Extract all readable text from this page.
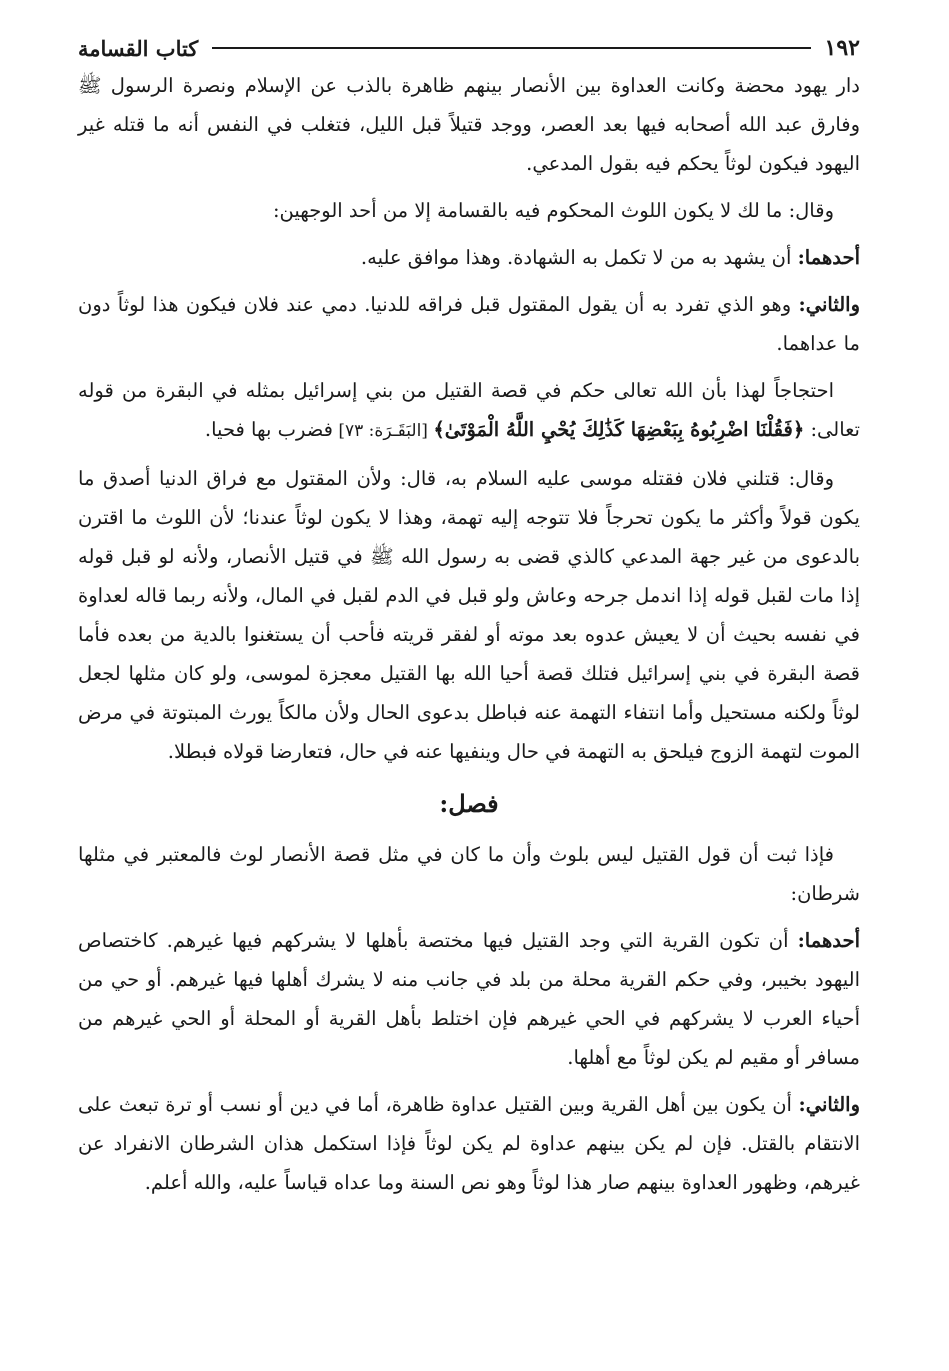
١٩٢
كتاب القسامة

دار يهود محضة وكانت العداوة بين الأنصار بينهم ظاهرة بالذب عن الإسلام ونصرة الرسول ﷺ وفارق عبد الله أصحابه فيها بعد العصر، ووجد قتيلاً قبل الليل، فتغلب في النفس أنه ما قتله غير اليهود فيكون لوثاً يحكم فيه بقول المدعي.

وقال: ما لك لا يكون اللوث المحكوم فيه بالقسامة إلا من أحد الوجهين:

أحدهما: أن يشهد به من لا تكمل به الشهادة. وهذا موافق عليه.

والثاني: وهو الذي تفرد به أن يقول المقتول قبل فراقه للدنيا. دمي عند فلان فيكون هذا لوثاً دون ما عداهما.

احتجاجاً لهذا بأن الله تعالى حكم في قصة القتيل من بني إسرائيل بمثله في البقرة من قوله تعالى: ﴿فَقُلْنَا اضْرِبُوهُ بِبَعْضِهَا كَذَٰلِكَ يُحْيِ اللَّهُ الْمَوْتَىٰ﴾ [البَقَـرَة: ٧٣] فضرب بها فحيا.

وقال: قتلني فلان فقتله موسى عليه السلام به، قال: ولأن المقتول مع فراق الدنيا أصدق ما يكون قولاً وأكثر ما يكون تحرجاً فلا تتوجه إليه تهمة، وهذا لا يكون لوثاً عندنا؛ لأن اللوث ما اقترن بالدعوى من غير جهة المدعي كالذي قضى به رسول الله ﷺ في قتيل الأنصار، ولأنه لو قبل قوله إذا مات لقبل قوله إذا اندمل جرحه وعاش ولو قبل في الدم لقبل في المال، ولأنه ربما قاله لعداوة في نفسه بحيث أن لا يعيش عدوه بعد موته أو لفقر قريته فأحب أن يستغنوا بالدية من بعده فأما قصة البقرة في بني إسرائيل فتلك قصة أحيا الله بها القتيل معجزة لموسى، ولو كان مثلها لجعل لوثاً ولكنه مستحيل وأما انتفاء التهمة عنه فباطل بدعوى الحال ولأن مالكاً يورث المبتوتة في مرض الموت لتهمة الزوج فيلحق به التهمة في حال وينفيها عنه في حال، فتعارضا قولاه فبطلا.

فصل:

فإذا ثبت أن قول القتيل ليس بلوث وأن ما كان في مثل قصة الأنصار لوث فالمعتبر في مثلها شرطان:

أحدهما: أن تكون القرية التي وجد القتيل فيها مختصة بأهلها لا يشركهم فيها غيرهم. كاختصاص اليهود بخيبر، وفي حكم القرية محلة من بلد في جانب منه لا يشرك أهلها فيها غيرهم. أو حي من أحياء العرب لا يشركهم في الحي غيرهم فإن اختلط بأهل القرية أو المحلة أو الحي غيرهم من مسافر أو مقيم لم يكن لوثاً مع أهلها.

والثاني: أن يكون بين أهل القرية وبين القتيل عداوة ظاهرة، أما في دين أو نسب أو ترة تبعث على الانتقام بالقتل. فإن لم يكن بينهم عداوة لم يكن لوثاً فإذا استكمل هذان الشرطان الانفراد عن غيرهم، وظهور العداوة بينهم صار هذا لوثاً وهو نص السنة وما عداه قياساً عليه، والله أعلم.
